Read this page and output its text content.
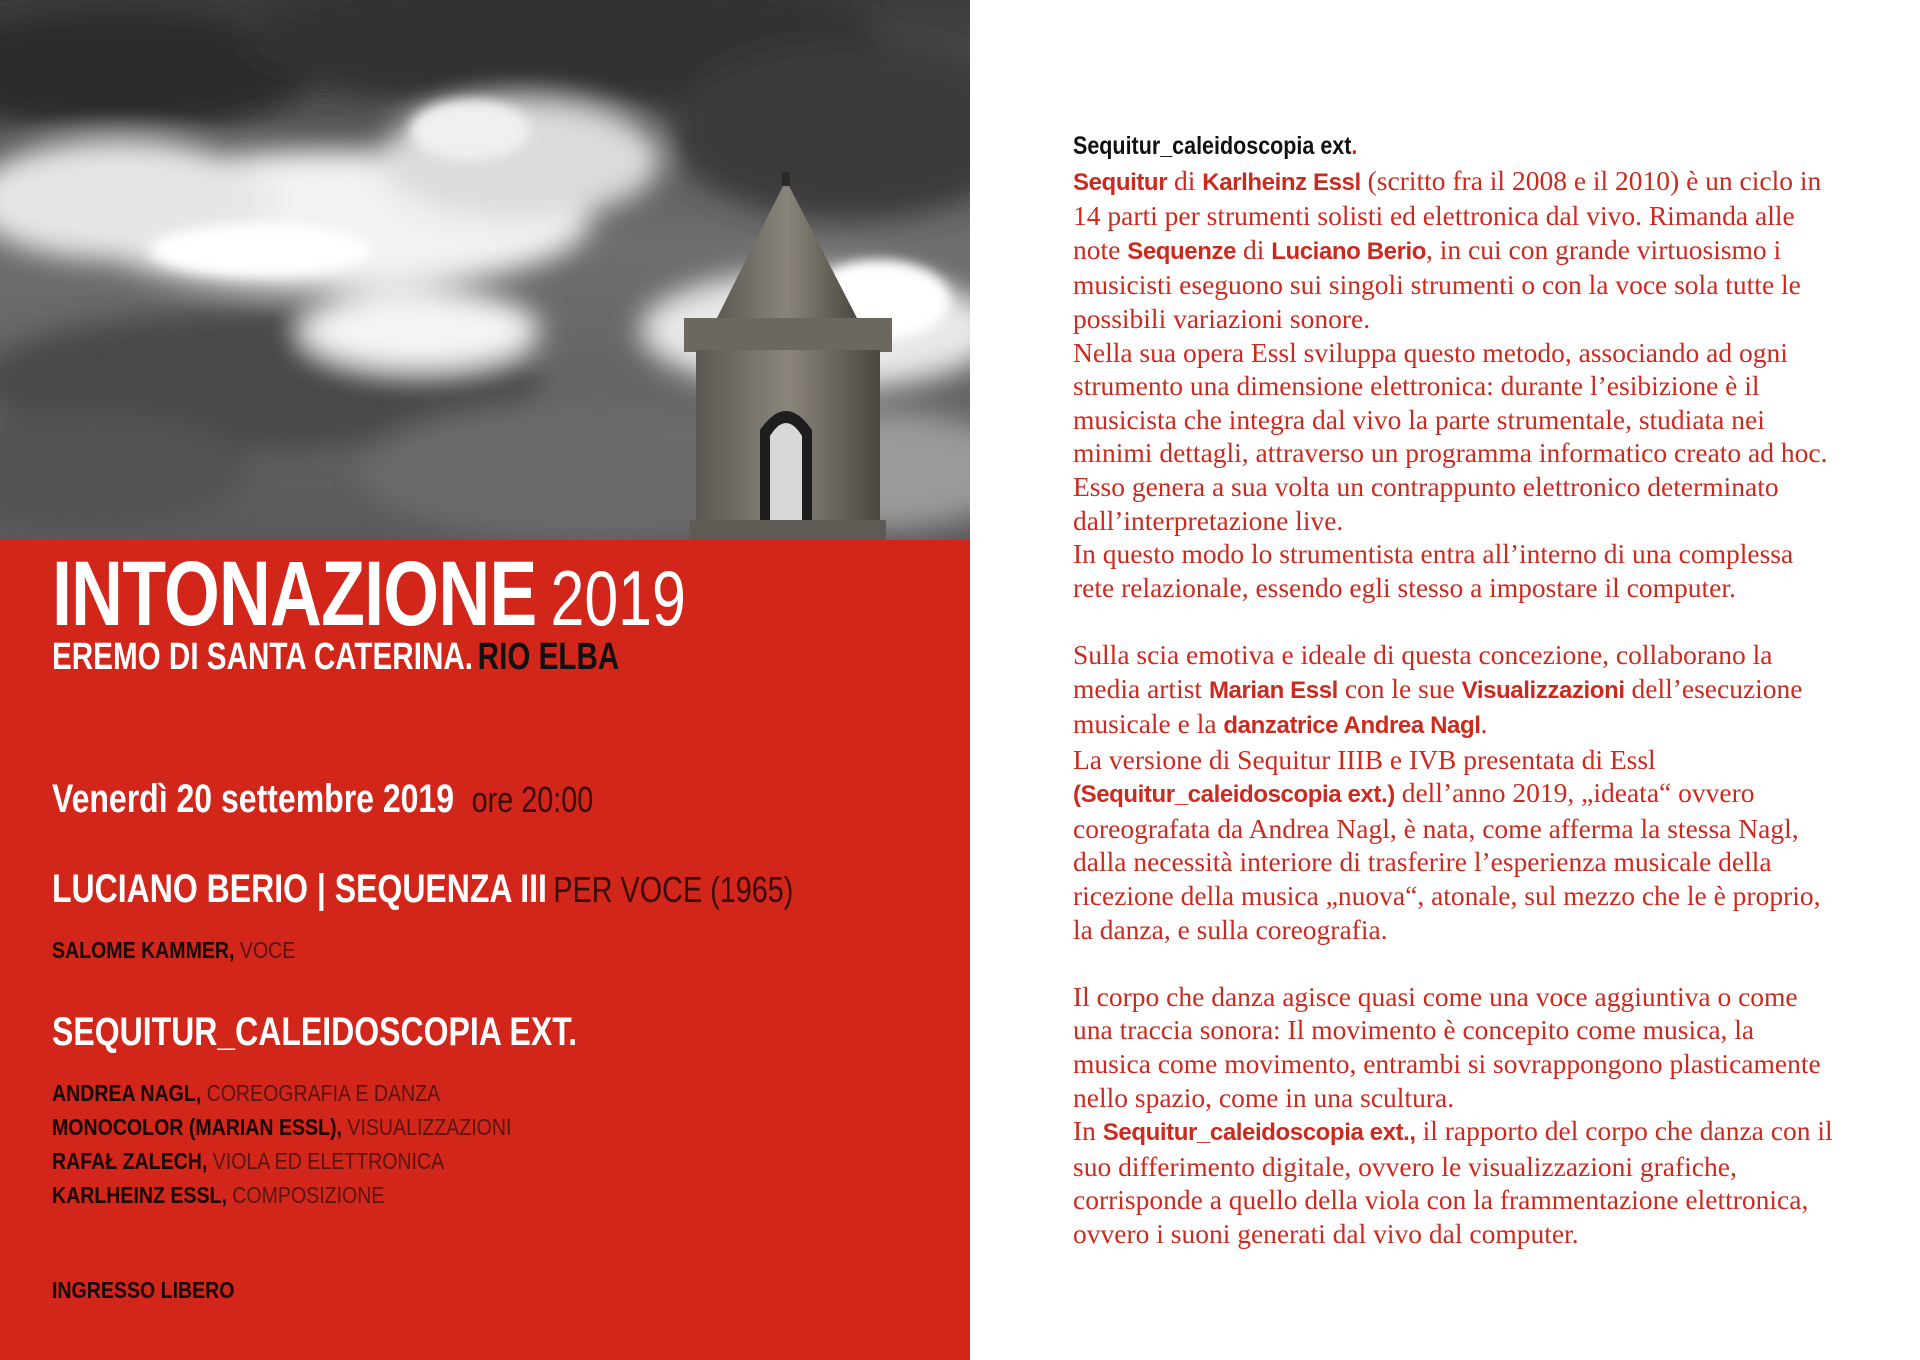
INTONAZIONE 2019
EREMO DI SANTA CATERINA. RIO ELBA
Venerdì 20 settembre 2019 ore 20:00
LUCIANO BERIO | SEQUENZA III PER VOCE (1965)
SALOME KAMMER, VOCE
SEQUITUR_CALEIDOSCOPIA EXT.
ANDREA NAGL, COREOGRAFIA E DANZA
MONOCOLOR (MARIAN ESSL), VISUALIZZAZIONI
RAFAŁ ZALECH, VIOLA ED ELETTRONICA
KARLHEINZ ESSL, COMPOSIZIONE
INGRESSO LIBERO

Sequitur_caleidoscopia ext.

Sequitur di Karlheinz Essl (scritto fra il 2008 e il 2010) è un ciclo in 14 parti per strumenti solisti ed elettronica dal vivo. Rimanda alle note Sequenze di Luciano Berio, in cui con grande virtuosismo i musicisti eseguono sui singoli strumenti o con la voce sola tutte le possibili variazioni sonore.

Nella sua opera Essl sviluppa questo metodo, associando ad ogni strumento una dimensione elettronica: durante l’esibizione è il musicista che integra dal vivo la parte strumentale, studiata nei minimi dettagli, attraverso un programma informatico creato ad hoc. Esso genera a sua volta un contrappunto elettronico determinato dall’interpretazione live.

In questo modo lo strumentista entra all’interno di una complessa rete relazionale, essendo egli stesso a impostare il computer.

Sulla scia emotiva e ideale di questa concezione, collaborano la media artist Marian Essl con le sue Visualizzazioni dell’esecuzione musicale e la danzatrice Andrea Nagl.

La versione di Sequitur IIIB e IVB presentata di Essl (Sequitur_caleidoscopia ext.) dell’anno 2019, „ideata“ ovvero coreografata da Andrea Nagl, è nata, come afferma la stessa Nagl, dalla necessità interiore di trasferire l’esperienza musicale della ricezione della musica „nuova“, atonale, sul mezzo che le è proprio, la danza, e sulla coreografia.

Il corpo che danza agisce quasi come una voce aggiuntiva o come una traccia sonora: Il movimento è concepito come musica, la musica come movimento, entrambi si sovrappongono plasticamente nello spazio, come in una scultura.

In Sequitur_caleidoscopia ext., il rapporto del corpo che danza con il suo differimento digitale, ovvero le visualizzazioni grafiche, corrisponde a quello della viola con la frammentazione elettronica, ovvero i suoni generati dal vivo dal computer.
